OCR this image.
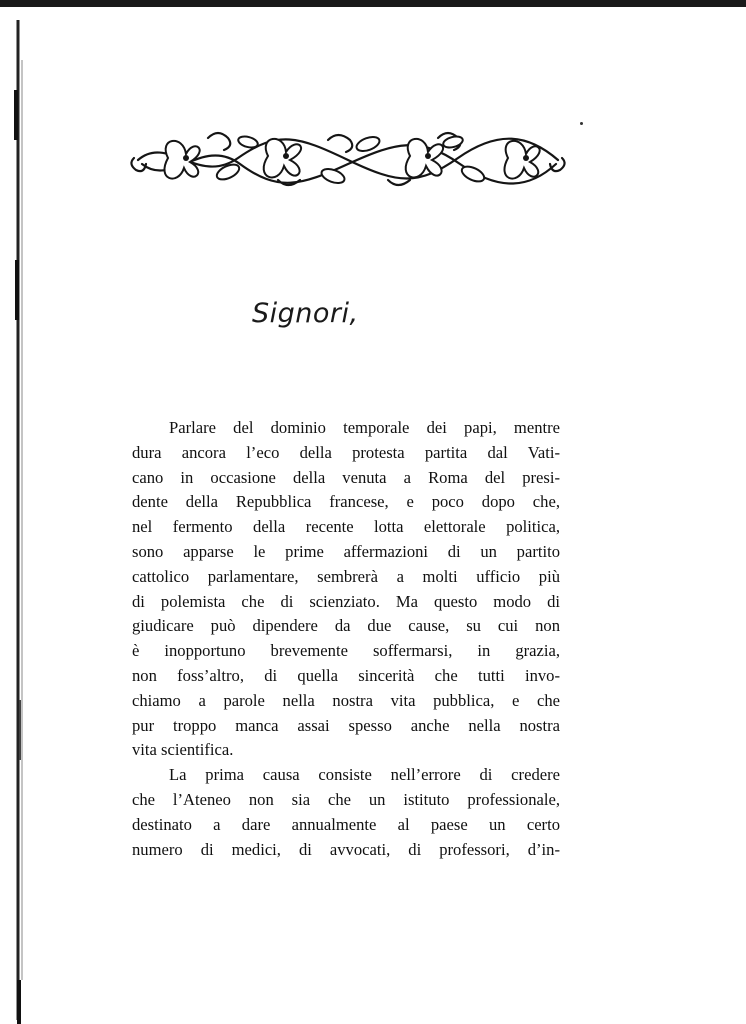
Signori,
Parlare del dominio temporale dei papi, mentre
dura ancora l’eco della protesta partita dal Vati-
cano in occasione della venuta a Roma del presi-
dente della Repubblica francese, e poco dopo che,
nel fermento della recente lotta elettorale politica,
sono apparse le prime affermazioni di un partito
cattolico parlamentare, sembrerà a molti ufficio più
di polemista che di scienziato. Ma questo modo di
giudicare può dipendere da due cause, su cui non
è inopportuno brevemente soffermarsi, in grazia,
non foss’altro, di quella sincerità che tutti invo-
chiamo a parole nella nostra vita pubblica, e che
pur troppo manca assai spesso anche nella nostra
vita scientifica.
La prima causa consiste nell’errore di credere
che l’Ateneo non sia che un istituto professionale,
destinato a dare annualmente al paese un certo
numero di medici, di avvocati, di professori, d’in-
